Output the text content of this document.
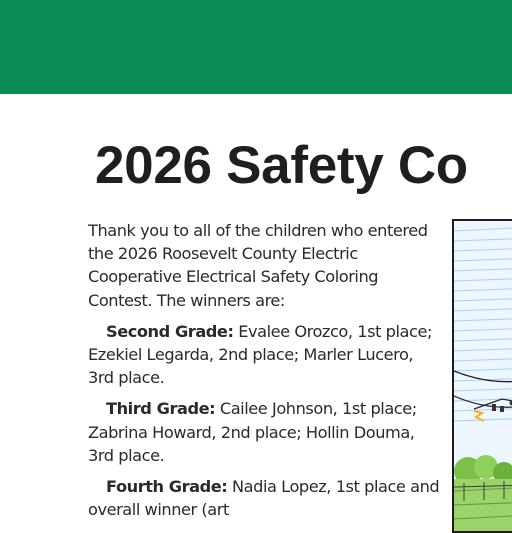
2026 Safety Co

Thank you to all of the children who entered the 2026 Roosevelt County Electric Cooperative Electrical Safety Coloring Contest. The winners are:

Second Grade: Evalee Orozco, 1st place; Ezekiel Legarda, 2nd place; Marler Lucero, 3rd place.

Third Grade: Cailee Johnson, 1st place; Zabrina Howard, 2nd place; Hollin Douma, 3rd place.

Fourth Grade: Nadia Lopez, 1st place and overall winner (art
